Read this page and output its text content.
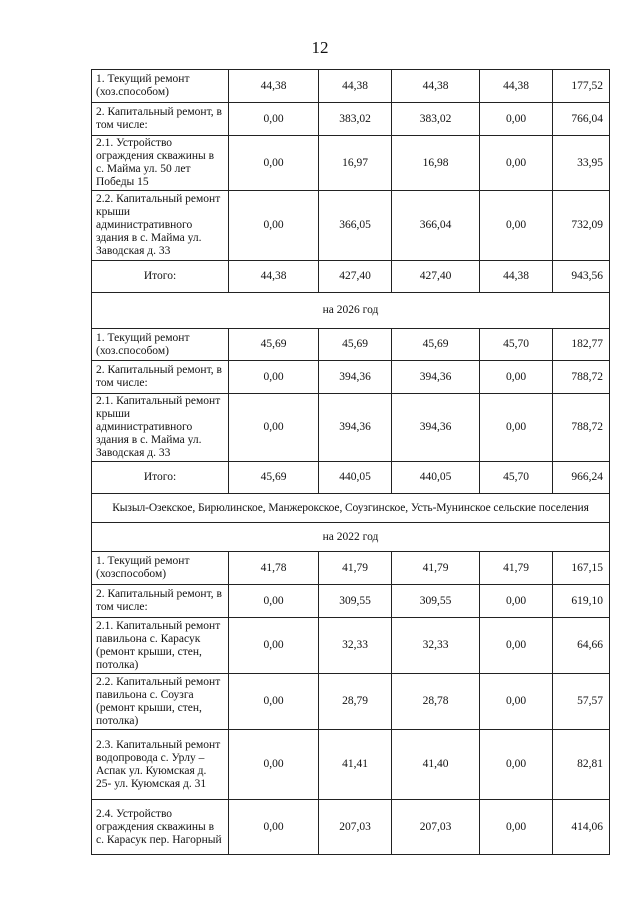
12
1. Текущий ремонт (хоз.способом)	44,38	44,38	44,38	44,38	177,52
2. Капитальный ремонт, в том числе:	0,00	383,02	383,02	0,00	766,04
2.1. Устройство ограждения скважины в с. Майма ул. 50 лет Победы 15	0,00	16,97	16,98	0,00	33,95
2.2. Капитальный ремонт крыши административного здания в с. Майма ул. Заводская д. 33	0,00	366,05	366,04	0,00	732,09
Итого:	44,38	427,40	427,40	44,38	943,56
на 2026 год					
1. Текущий ремонт (хоз.способом)	45,69	45,69	45,69	45,70	182,77
2. Капитальный ремонт, в том числе:	0,00	394,36	394,36	0,00	788,72
2.1. Капитальный ремонт крыши административного здания в с. Майма ул. Заводская д. 33	0,00	394,36	394,36	0,00	788,72
Итого:	45,69	440,05	440,05	45,70	966,24
Кызыл-Озекское, Бирюлинское, Манжерокское, Соузгинское, Усть-Мунинское сельские поселения					
на 2022 год					
1. Текущий ремонт (хозспособом)	41,78	41,79	41,79	41,79	167,15
2. Капитальный ремонт, в том числе:	0,00	309,55	309,55	0,00	619,10
2.1. Капитальный ремонт павильона с. Карасук (ремонт крыши, стен, потолка)	0,00	32,33	32,33	0,00	64,66
2.2. Капитальный ремонт павильона с. Соузга (ремонт крыши, стен, потолка)	0,00	28,79	28,78	0,00	57,57
2.3. Капитальный ремонт водопровода с. Урлу – Аспак ул. Куюмская д. 25- ул. Куюмская д. 31	0,00	41,41	41,40	0,00	82,81
2.4. Устройство ограждения скважины в с. Карасук пер. Нагорный	0,00	207,03	207,03	0,00	414,06
